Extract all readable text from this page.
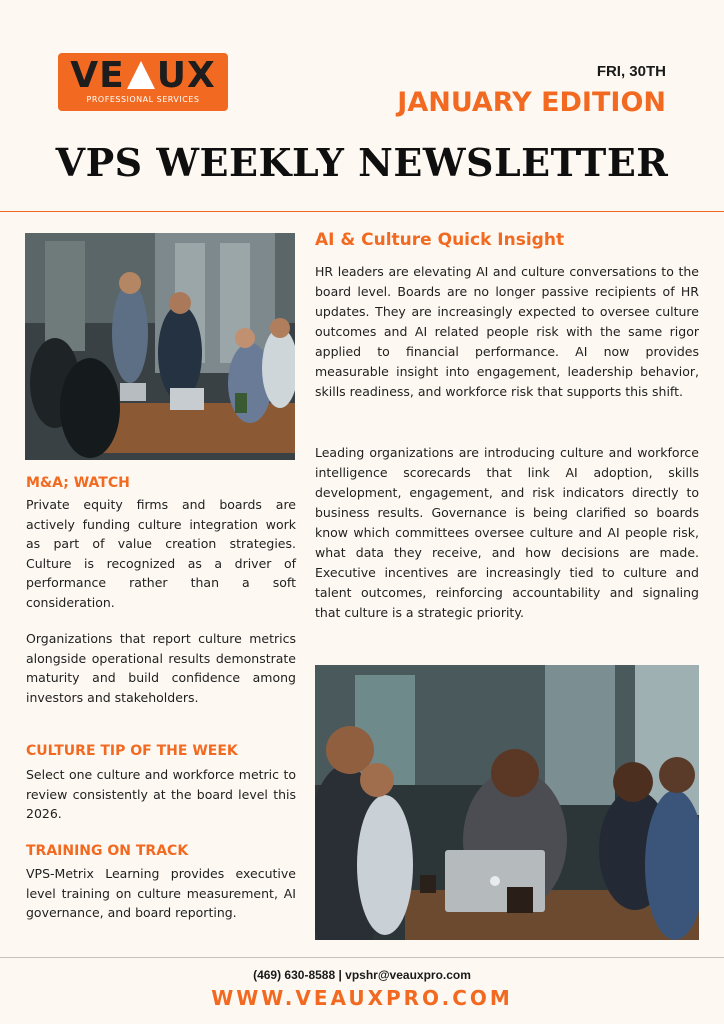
VE UX
PROFESSIONAL SERVICES
FRI, 30TH
JANUARY EDITION
VPS WEEKLY NEWSLETTER
M&A; WATCH

Private equity firms and boards are actively funding culture integration work as part of value creation strategies. Culture is recognized as a driver of performance rather than a soft consideration.

Organizations that report culture metrics alongside operational results demonstrate maturity and build confidence among investors and stakeholders.

CULTURE TIP OF THE WEEK

Select one culture and workforce metric to review consistently at the board level this 2026.

TRAINING ON TRACK

VPS-Metrix Learning provides executive level training on culture measurement, AI governance, and board reporting.

AI & Culture Quick Insight

HR leaders are elevating AI and culture conversations to the board level. Boards are no longer passive recipients of HR updates. They are increasingly expected to oversee culture outcomes and AI related people risk with the same rigor applied to financial performance. AI now provides measurable insight into engagement, leadership behavior, skills readiness, and workforce risk that supports this shift.

Leading organizations are introducing culture and workforce intelligence scorecards that link AI adoption, skills development, engagement, and risk indicators directly to business results. Governance is being clarified so boards know which committees oversee culture and AI people risk, what data they receive, and how decisions are made. Executive incentives are increasingly tied to culture and talent outcomes, reinforcing accountability and signaling that culture is a strategic priority.

(469) 630-8588 | vpshr@veauxpro.com
WWW.VEAUXPRO.COM
